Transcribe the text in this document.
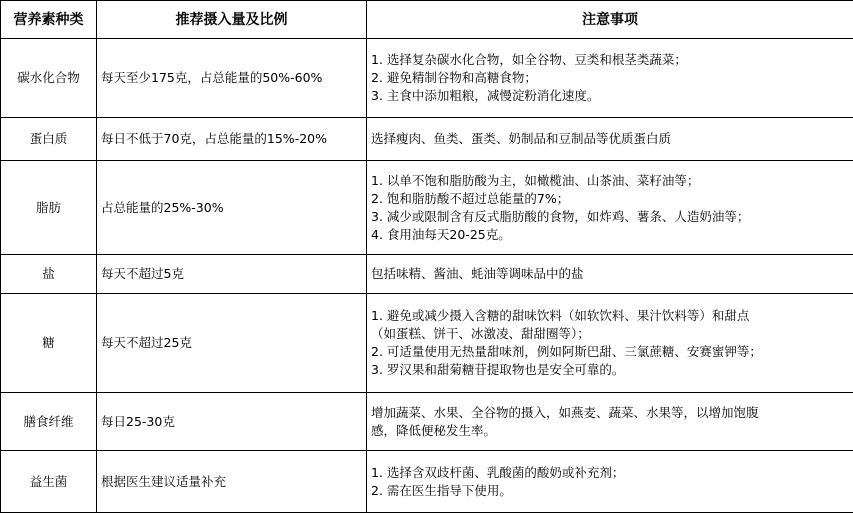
营养素种类	推荐摄入量及比例	注意事项
碳水化合物	每天至少175克，占总能量的50%-60%	1. 选择复杂碳水化合物，如全谷物、豆类和根茎类蔬菜；
2. 避免精制谷物和高糖食物；
3. 主食中添加粗粮，减慢淀粉消化速度。

蛋白质	每日不低于70克，占总能量的15%-20%	选择瘦肉、鱼类、蛋类、奶制品和豆制品等优质蛋白质

脂肪	占总能量的25%-30%	1. 以单不饱和脂肪酸为主，如橄榄油、山茶油、菜籽油等；
2. 饱和脂肪酸不超过总能量的7%；
3. 减少或限制含有反式脂肪酸的食物，如炸鸡、薯条、人造奶油等；
4. 食用油每天20-25克。

盐	每天不超过5克	包括味精、酱油、蚝油等调味品中的盐

糖	每天不超过25克	1. 避免或减少摄入含糖的甜味饮料（如软饮料、果汁饮料等）和甜点
（如蛋糕、饼干、冰激凌、甜甜圈等）；
2. 可适量使用无热量甜味剂，例如阿斯巴甜、三氯蔗糖、安赛蜜钾等；
3. 罗汉果和甜菊糖苷提取物也是安全可靠的。

膳食纤维	每日25-30克	增加蔬菜、水果、全谷物的摄入，如燕麦、蔬菜、水果等，以增加饱腹
感，降低便秘发生率。

益生菌	根据医生建议适量补充	1. 选择含双歧杆菌、乳酸菌的酸奶或补充剂；
2. 需在医生指导下使用。
